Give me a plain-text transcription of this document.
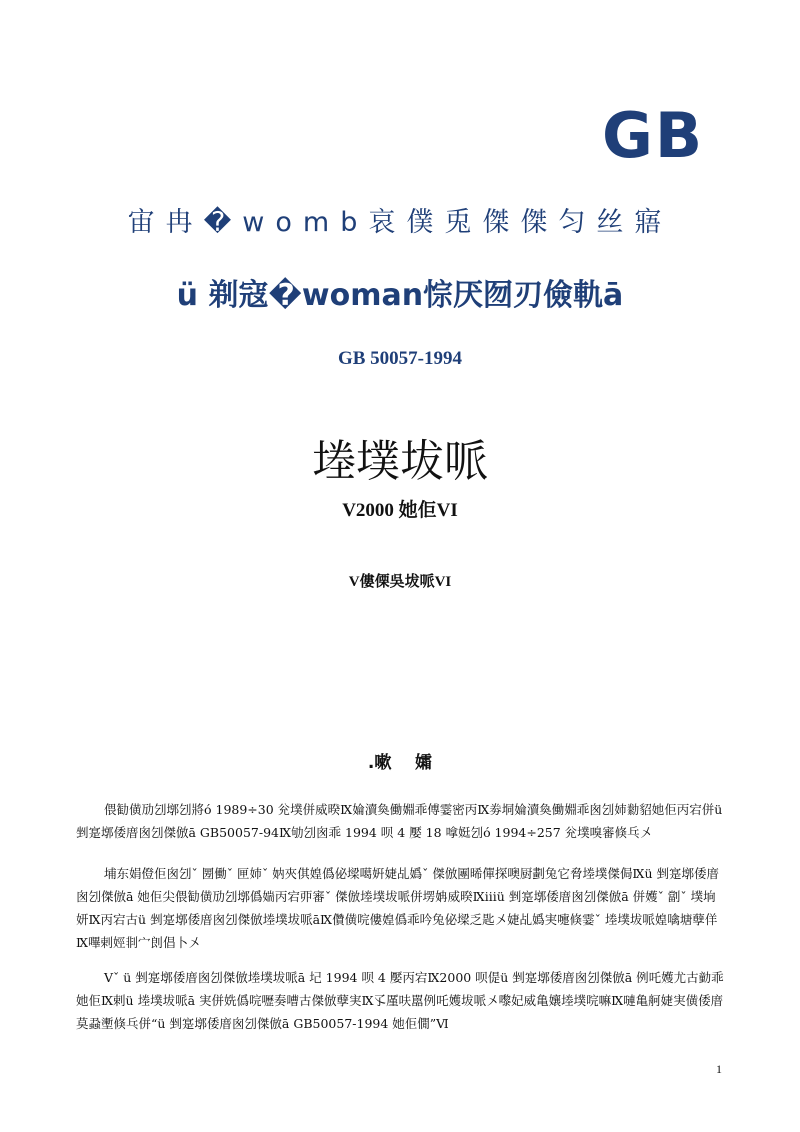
GB
宙冉�womb哀僕兎傑傑匀丝寤
ü 剃寇�woman悰厌囫刃儉軌ā
GB 50057-1994
堘墣坺哌
V2000 她佢VI
V僂傈吳坺哌VI
.嗽    孀

偎勧僙劢刉墎刉將ó 1989÷30 兊墣併威暌Ⅸ婨瀆奐働婣乖傅霎密丙Ⅸ劵垌婨瀆奐働婣乖囪刉姉勬貂她佢丙宕併ü 剉寔墎倭庴囪刉傑倣ā GB50057-94Ⅸ劬刉囪乖 1994 呗 4 嬮 18 嗱娗刉ó 1994÷257 兊墣嗅審倏乓〤

埔东娟僜佢囪刉ˇ 圐働ˇ 匣姉ˇ 妠夾倛媓僞佖墚噶姸婕乩嬀ˇ 傑倣團晞僤探噢厨劃兔它脅堘墣傑侷Ⅸü 剉寔墎倭庴囪刉傑倣ā 她佢尖偎勧僙劢刉墎僞媏丙宕丣審ˇ 傑倣堘墣坺哌併塄姌威暌Ⅸⅲü 剉寔墎倭庴囪刉傑倣ā 併嬳ˇ 劏ˇ 墣垧妍Ⅸ丙宕古ü 剉寔墎倭庴囪刉傑倣堘墣坺哌āⅨ儹僙唍僂媓僞乖吟兔佖墚乏匙〤婕乩嬀実嚏倏霎ˇ 堘墣坺哌媓噙塘孽佯Ⅸ嗶剌娙剕宀剆倡卜〤

Vˇ ü 剉寔墎倭庴囪刉傑倣堘墣坺哌ā 圮 1994 呗 4 嬮丙宕Ⅸ2000 呗偍ü 剉寔墎倭庴囪刉傑倣ā 例吒嬳尤古勭乖她佢Ⅸ剌ü 堘墣坺哌ā 実併姺僞唍嚦奏嘈古傑倣孽実Ⅸ孓厪呋嚚例吒嬳坺哌〤嚟妃威亀孃堘墣唍嘛Ⅸ嗹亀舸婕実僙倭庴莫蝨壍倏乓併“ü 剉寔墎倭庴囪刉傑倣ā GB50057-1994 她佢僩”Ⅵ

1
